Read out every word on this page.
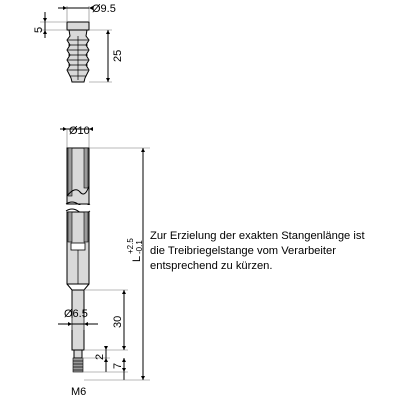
Ø9.5
5
25
Ø10
Ø6.5
30
2
7
M6
L
+2.5 -0.1
Zur Erzielung der exakten Stangenlänge ist
die Treibriegelstange vom Verarbeiter
entsprechend zu kürzen.
